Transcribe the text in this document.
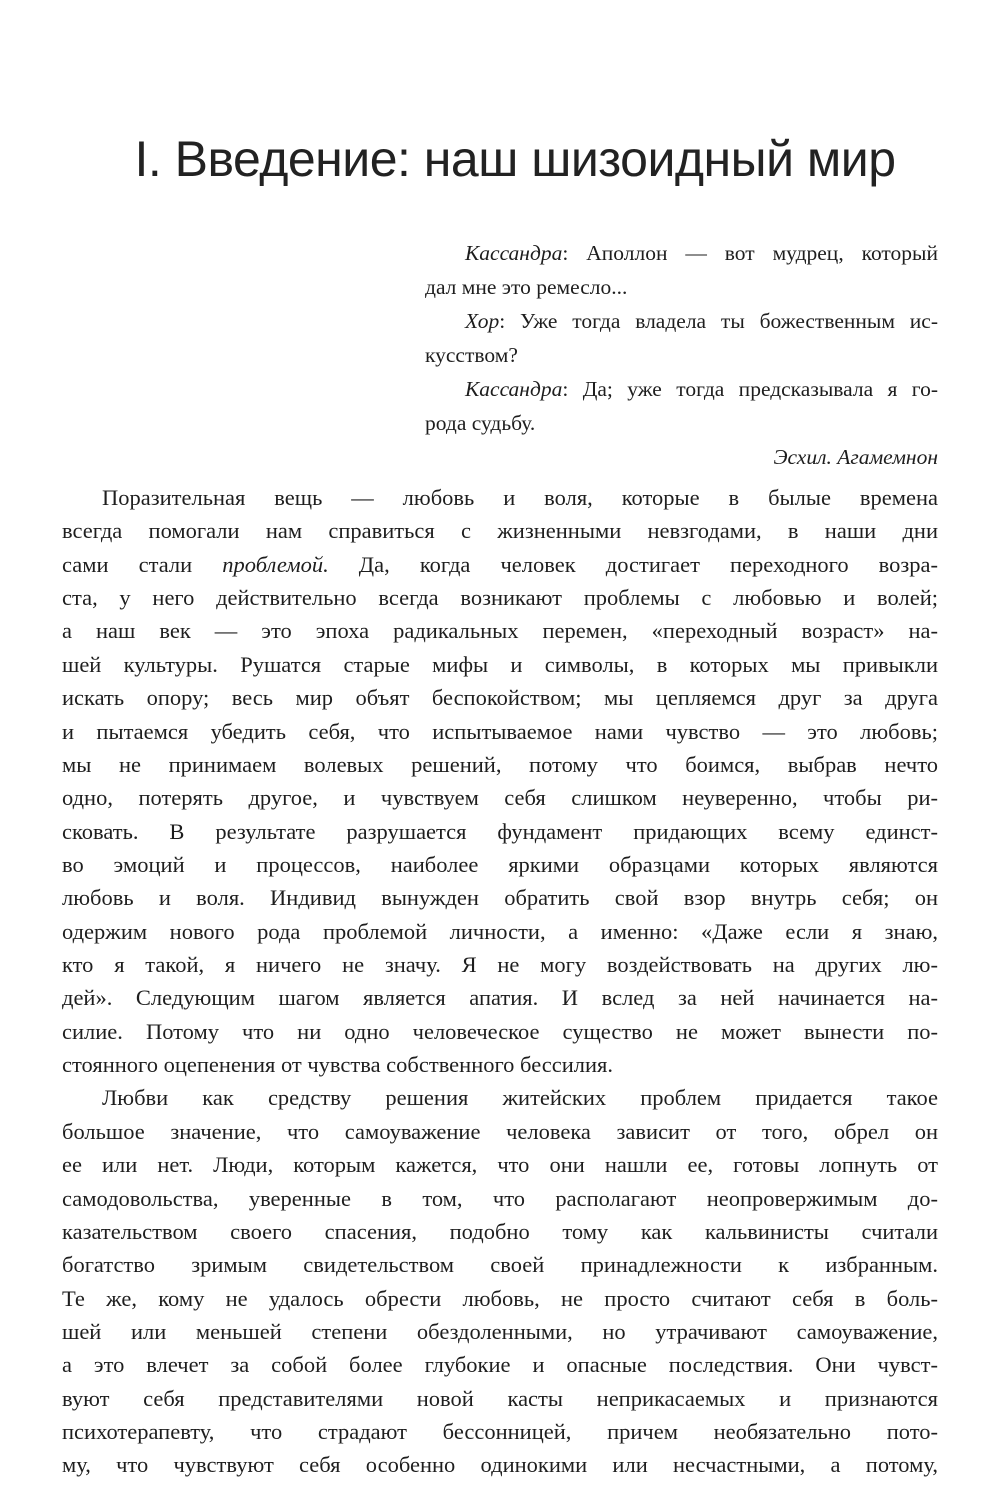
I. Введение: наш шизоидный мир
Кассандра: Аполлон — вот мудрец, который
дал мне это ремесло...
Хор: Уже тогда владела ты божественным ис-
кусством?
Кассандра: Да; уже тогда предсказывала я го-
рода судьбу.
Эсхил. Агамемнон
Поразительная вещь — любовь и воля, которые в былые времена
всегда помогали нам справиться с жизненными невзгодами, в наши дни
сами стали проблемой. Да, когда человек достигает переходного возра-
ста, у него действительно всегда возникают проблемы с любовью и волей;
а наш век — это эпоха радикальных перемен, «переходный возраст» на-
шей культуры. Рушатся старые мифы и символы, в которых мы привыкли
искать опору; весь мир объят беспокойством; мы цепляемся друг за друга
и пытаемся убедить себя, что испытываемое нами чувство — это любовь;
мы не принимаем волевых решений, потому что боимся, выбрав нечто
одно, потерять другое, и чувствуем себя слишком неуверенно, чтобы ри-
сковать. В результате разрушается фундамент придающих всему единст-
во эмоций и процессов, наиболее яркими образцами которых являются
любовь и воля. Индивид вынужден обратить свой взор внутрь себя; он
одержим нового рода проблемой личности, а именно: «Даже если я знаю,
кто я такой, я ничего не значу. Я не могу воздействовать на других лю-
дей». Следующим шагом является апатия. И вслед за ней начинается на-
силие. Потому что ни одно человеческое существо не может вынести по-
стоянного оцепенения от чувства собственного бессилия.
Любви как средству решения житейских проблем придается такое
большое значение, что самоуважение человека зависит от того, обрел он
ее или нет. Люди, которым кажется, что они нашли ее, готовы лопнуть от
самодовольства, уверенные в том, что располагают неопровержимым до-
казательством своего спасения, подобно тому как кальвинисты считали
богатство зримым свидетельством своей принадлежности к избранным.
Те же, кому не удалось обрести любовь, не просто считают себя в боль-
шей или меньшей степени обездоленными, но утрачивают самоуважение,
а это влечет за собой более глубокие и опасные последствия. Они чувст-
вуют себя представителями новой касты неприкасаемых и признаются
психотерапевту, что страдают бессонницей, причем необязательно пото-
му, что чувствуют себя особенно одинокими или несчастными, а потому,
